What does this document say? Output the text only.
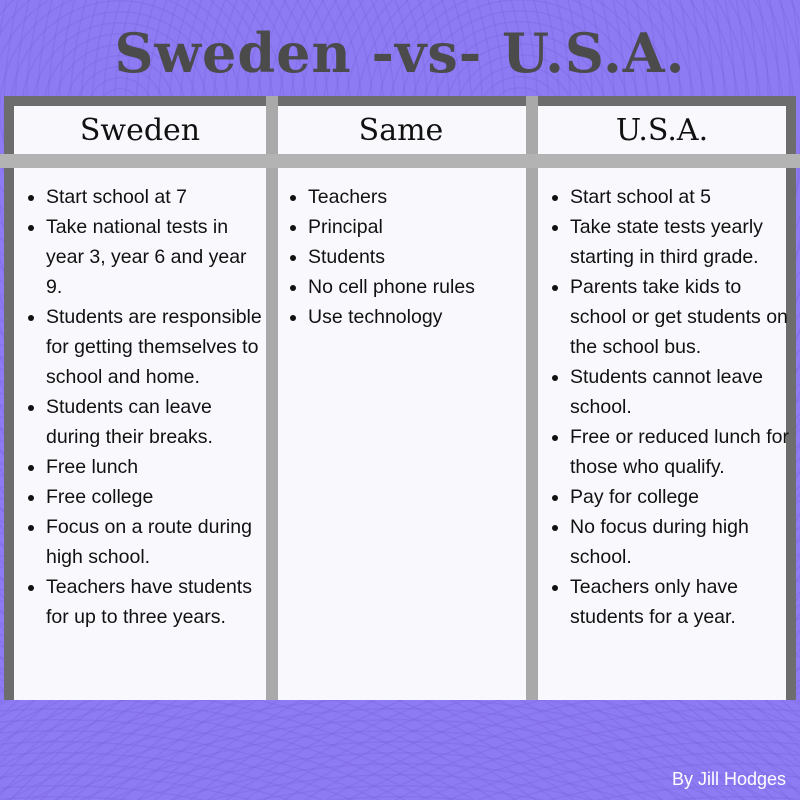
Sweden -vs- U.S.A.
Sweden	Same	U.S.A.
• Start school at 7
• Take national tests in year 3, year 6 and year 9.
• Students are responsible for getting themselves to school and home.
• Students can leave during their breaks.
• Free lunch
• Free college
• Focus on a route during high school.
• Teachers have students for up to three years.
• Teachers
• Principal
• Students
• No cell phone rules
• Use technology
• Start school at 5
• Take state tests yearly starting in third grade.
• Parents take kids to school or get students on the school bus.
• Students cannot leave school.
• Free or reduced lunch for those who qualify.
• Pay for college
• No focus during high school.
• Teachers only have students for a year.
By Jill Hodges
